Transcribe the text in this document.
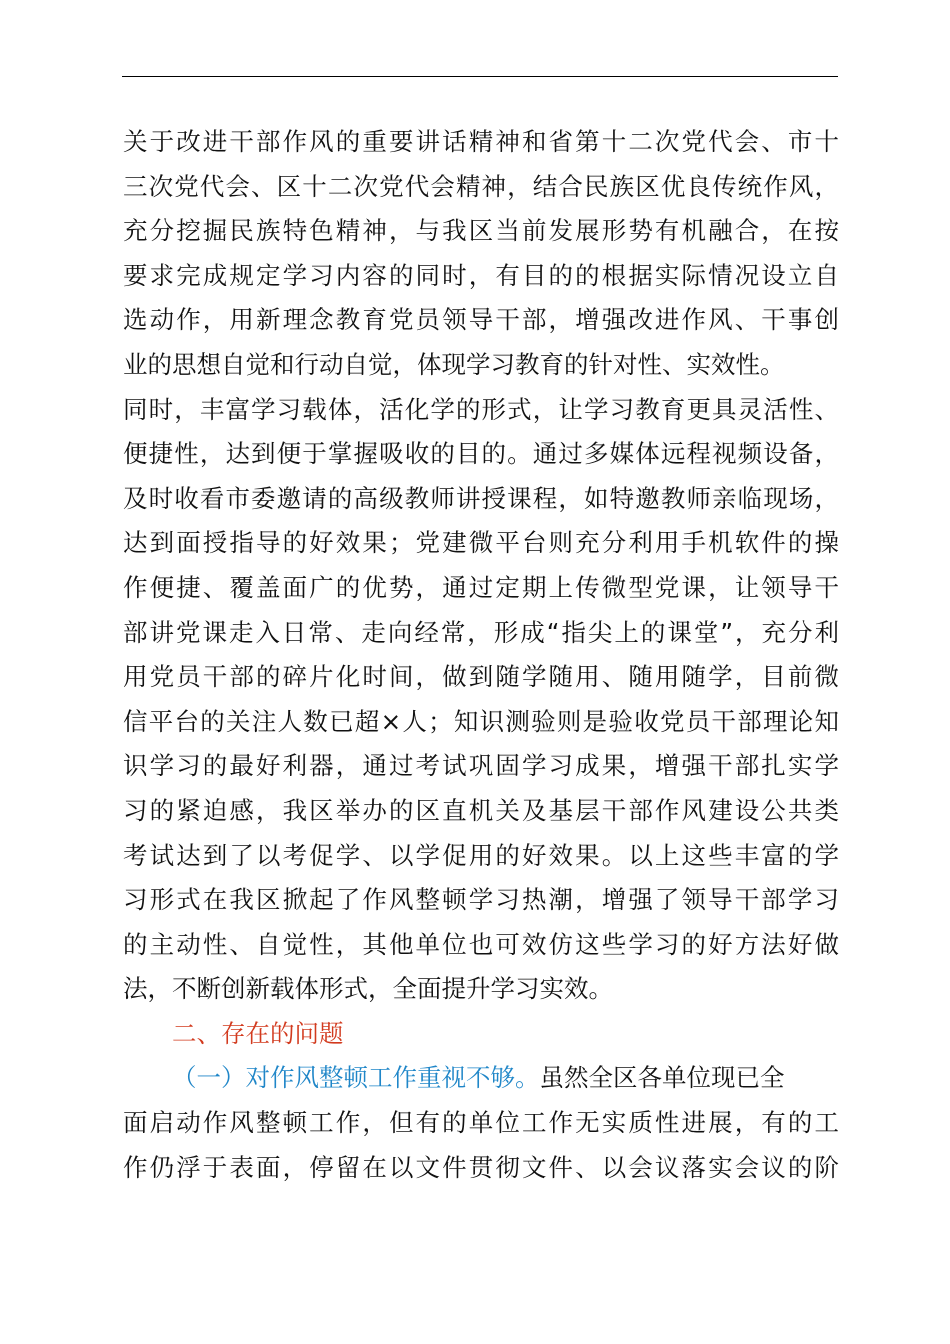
关于改进干部作风的重要讲话精神和省第十二次党代会、市十
三次党代会、区十二次党代会精神，结合民族区优良传统作风，
充分挖掘民族特色精神，与我区当前发展形势有机融合，在按
要求完成规定学习内容的同时，有目的的根据实际情况设立自
选动作，用新理念教育党员领导干部，增强改进作风、干事创
业的思想自觉和行动自觉，体现学习教育的针对性、实效性。
同时，丰富学习载体，活化学的形式，让学习教育更具灵活性、
便捷性，达到便于掌握吸收的目的。通过多媒体远程视频设备，
及时收看市委邀请的高级教师讲授课程，如特邀教师亲临现场，
达到面授指导的好效果；党建微平台则充分利用手机软件的操
作便捷、覆盖面广的优势，通过定期上传微型党课，让领导干
部讲党课走入日常、走向经常，形成“指尖上的课堂”，充分利
用党员干部的碎片化时间，做到随学随用、随用随学，目前微
信平台的关注人数已超×人；知识测验则是验收党员干部理论知
识学习的最好利器，通过考试巩固学习成果，增强干部扎实学
习的紧迫感，我区举办的区直机关及基层干部作风建设公共类
考试达到了以考促学、以学促用的好效果。以上这些丰富的学
习形式在我区掀起了作风整顿学习热潮，增强了领导干部学习
的主动性、自觉性，其他单位也可效仿这些学习的好方法好做
法，不断创新载体形式，全面提升学习实效。
二、存在的问题
（一）对作风整顿工作重视不够。虽然全区各单位现已全
面启动作风整顿工作，但有的单位工作无实质性进展，有的工
作仍浮于表面，停留在以文件贯彻文件、以会议落实会议的阶
